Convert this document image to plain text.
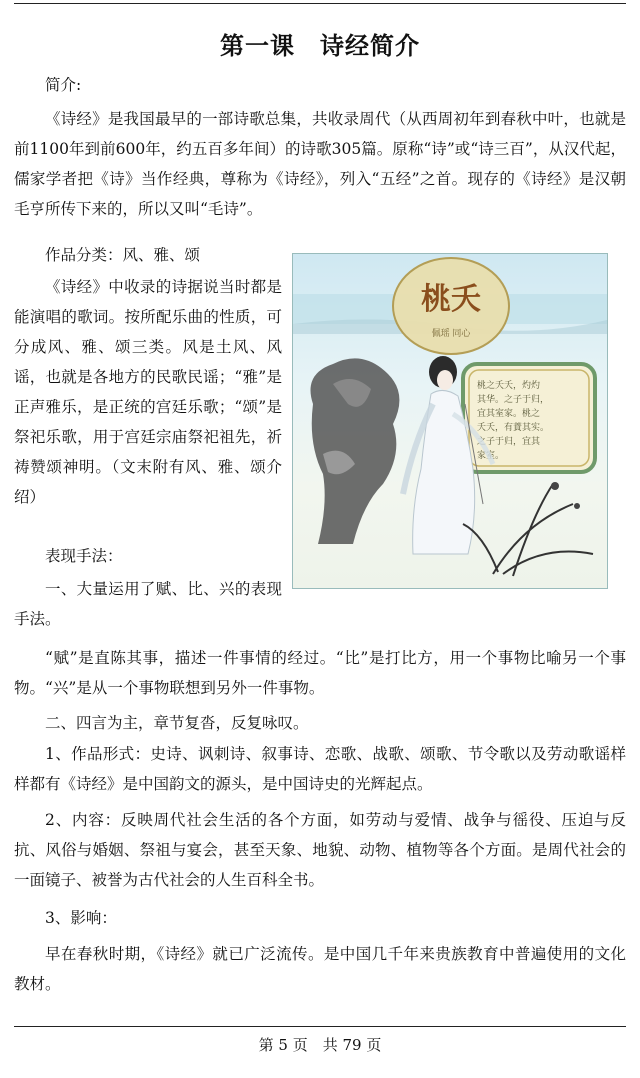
第一课　诗经简介
简介:
《诗经》是我国最早的一部诗歌总集，共收录周代（从西周初年到春秋中叶，也就是前1100年到前600年，约五百多年间）的诗歌305篇。原称“诗”或“诗三百”，从汉代起，儒家学者把《诗》当作经典，尊称为《诗经》，列入“五经”之首。现存的《诗经》是汉朝毛亨所传下来的，所以又叫“毛诗”。
作品分类：风、雅、颂
《诗经》中收录的诗据说当时都是能演唱的歌词。按所配乐曲的性质，可分成风、雅、颂三类。风是土风、风谣，也就是各地方的民歌民谣；“雅”是正声雅乐，是正统的宫廷乐歌；“颂”是祭祀乐歌，用于宫廷宗庙祭祀祖先，祈祷赞颂神明。（文末附有风、雅、颂介绍）
表现手法：
一、大量运用了赋、比、兴的表现手法。
“赋”是直陈其事，描述一件事情的经过。“比”是打比方，用一个事物比喻另一个事物。“兴”是从一个事物联想到另外一件事物。
二、四言为主，章节复沓，反复咏叹。
1、作品形式：史诗、讽刺诗、叙事诗、恋歌、战歌、颂歌、节令歌以及劳动歌谣样样都有《诗经》是中国韵文的源头，是中国诗史的光辉起点。
2、内容：反映周代社会生活的各个方面，如劳动与爱情、战争与徭役、压迫与反抗、风俗与婚姻、祭祖与宴会，甚至天象、地貌、动物、植物等各个方面。是周代社会的一面镜子、被誉为古代社会的人生百科全书。
3、影响：
早在春秋时期，《诗经》就已广泛流传。是中国几千年来贵族教育中普遍使用的文化教材。
桃夭
佩瑶 同心
桃之夭夭，灼灼
其华。之子于归，
宜其室家。桃之
夭夭，有蕡其实。
之子于归，宜其
家室。
第 5 页　共 79 页
